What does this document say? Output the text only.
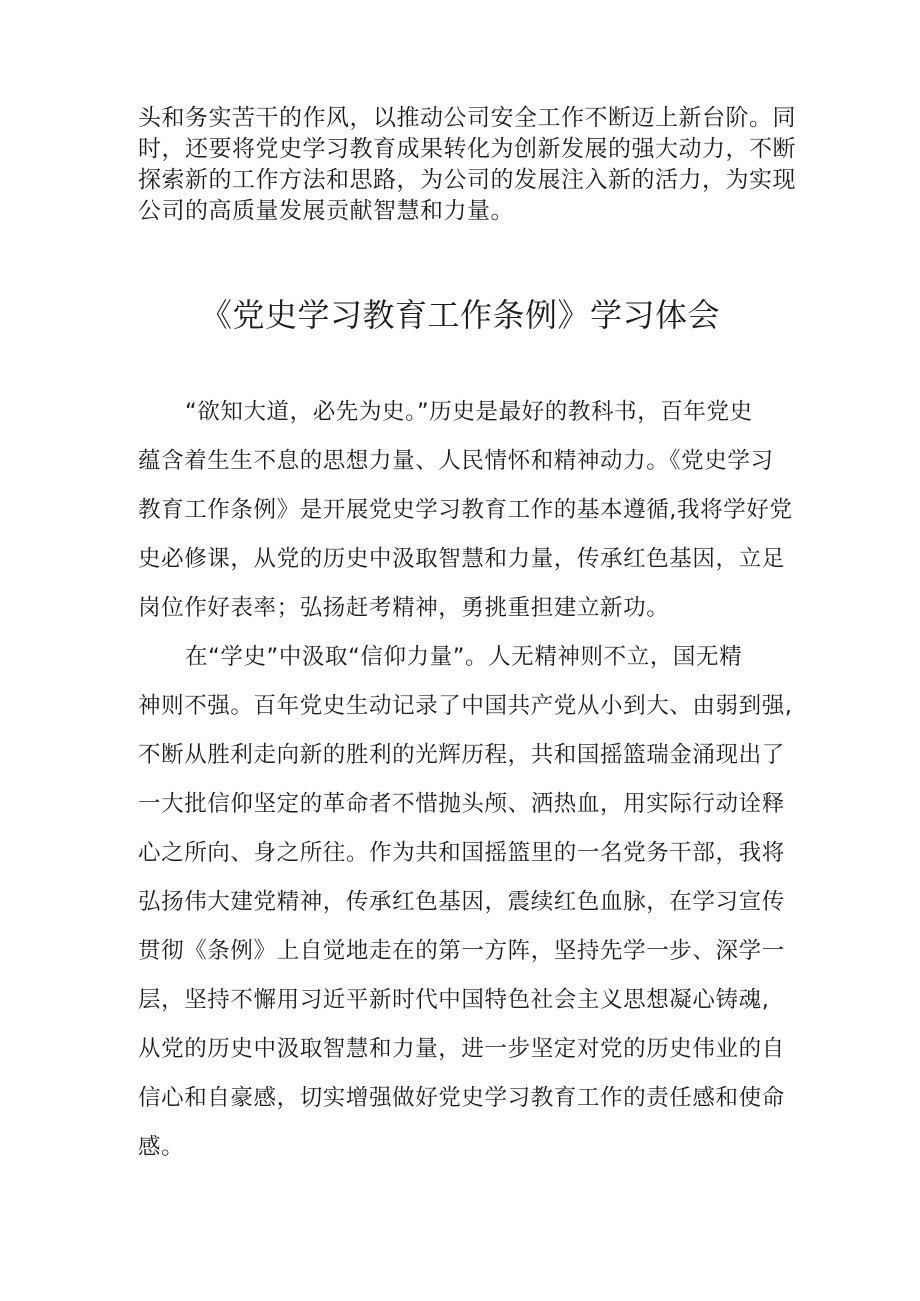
头和务实苦干的作风，以推动公司安全工作不断迈上新台阶。同

时，还要将党史学习教育成果转化为创新发展的强大动力，不断

探索新的工作方法和思路，为公司的发展注入新的活力，为实现

公司的高质量发展贡献智慧和力量。

《党史学习教育工作条例》学习体会

“欲知大道，必先为史。”历史是最好的教科书，百年党史

蕴含着生生不息的思想力量、人民情怀和精神动力。《党史学习

教育工作条例》是开展党史学习教育工作的基本遵循,我将学好党

史必修课，从党的历史中汲取智慧和力量，传承红色基因，立足

岗位作好表率；弘扬赶考精神，勇挑重担建立新功。

在“学史”中汲取“信仰力量”。人无精神则不立，国无精

神则不强。百年党史生动记录了中国共产党从小到大、由弱到强,

不断从胜利走向新的胜利的光辉历程，共和国摇篮瑞金涌现出了

一大批信仰坚定的革命者不惜抛头颅、洒热血，用实际行动诠释

心之所向、身之所往。作为共和国摇篮里的一名党务干部，我将

弘扬伟大建党精神，传承红色基因，震续红色血脉，在学习宣传

贯彻《条例》上自觉地走在的第一方阵，坚持先学一步、深学一

层，坚持不懈用习近平新时代中国特色社会主义思想凝心铸魂,

从党的历史中汲取智慧和力量，进一步坚定对党的历史伟业的自

信心和自豪感，切实增强做好党史学习教育工作的责任感和使命

感。
